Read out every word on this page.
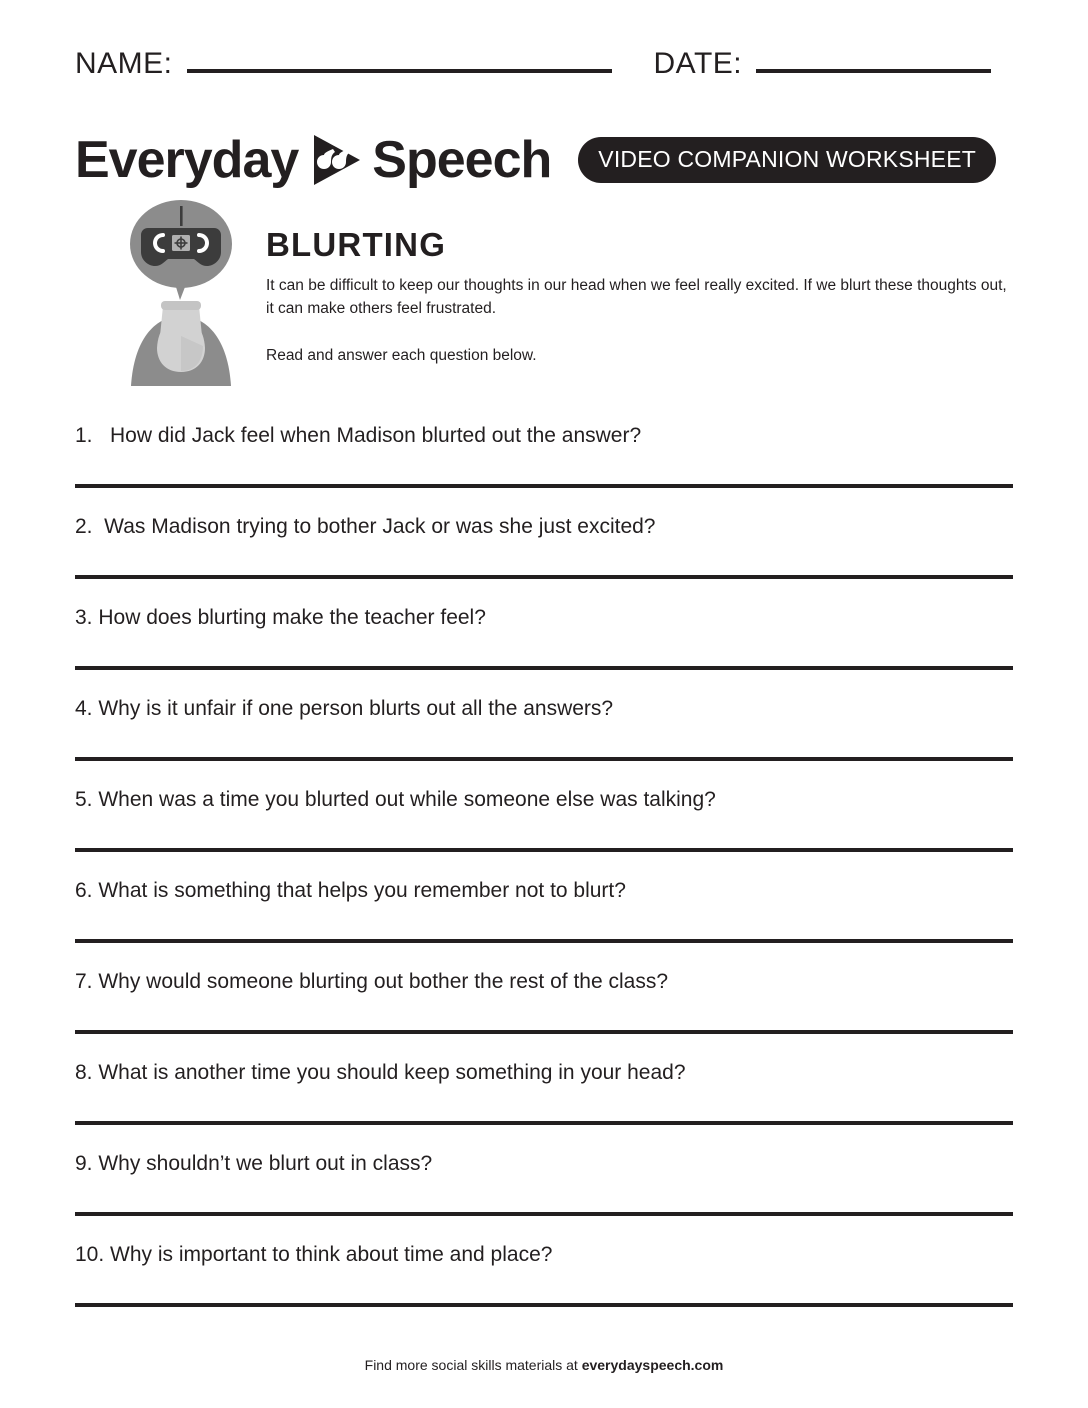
NAME:	DATE:
Everyday Speech	VIDEO COMPANION WORKSHEET
BLURTING

It can be difficult to keep our thoughts in our head when we feel really excited. If we blurt these thoughts out, it can make others feel frustrated.

Read and answer each question below.

1.   How did Jack feel when Madison blurted out the answer?
2.  Was Madison trying to bother Jack or was she just excited?
3. How does blurting make the teacher feel?
4. Why is it unfair if one person blurts out all the answers?
5. When was a time you blurted out while someone else was talking?
6. What is something that helps you remember not to blurt?
7. Why would someone blurting out bother the rest of the class?
8. What is another time you should keep something in your head?
9. Why shouldn’t we blurt out in class?
10. Why is important to think about time and place?
Find more social skills materials at everydayspeech.com
